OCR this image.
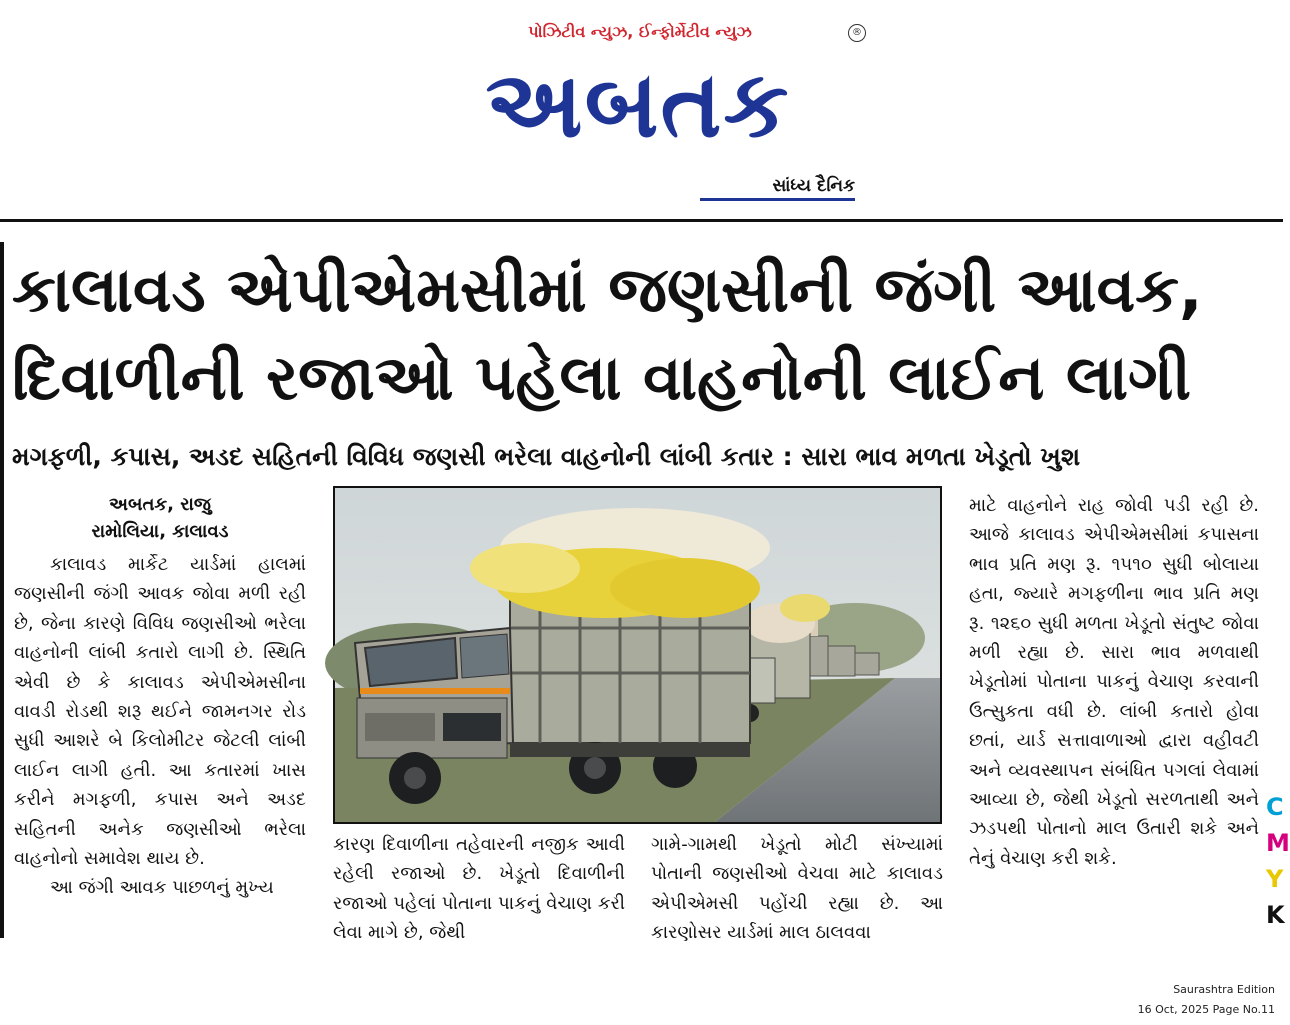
પોઝિટીવ ન્યુઝ, ઈન્ફોર્મેટીવ ન્યુઝ	®
અબતક
સાંધ્ય દૈનિક
કાલાવડ એપીએમસીમાં જણસીની જંગી આવક,
દિવાળીની રજાઓ પહેલા વાહનોની લાઈન લાગી
મગફળી, કપાસ, અડદ સહિતની વિવિધ જણસી ભરેલા વાહનોની લાંબી કતાર : સારા ભાવ મળતા ખેડૂતો ખુશ
અબતક, રાજુ
રામોલિયા, કાલાવડ

કાલાવડ માર્કેટ યાર્ડમાં હાલમાં જણસીની જંગી આવક જોવા મળી રહી છે, જેના કારણે વિવિધ જણસીઓ ભરેલા વાહનોની લાંબી કતારો લાગી છે. સ્થિતિ એવી છે કે કાલાવડ એપીએમસીના વાવડી રોડથી શરૂ થઈને જામનગર રોડ સુધી આશરે બે કિલોમીટર જેટલી લાંબી લાઈન લાગી હતી. આ કતારમાં ખાસ કરીને મગફળી, કપાસ અને અડદ સહિતની અનેક જણસીઓ ભરેલા વાહનોનો સમાવેશ થાય છે.

આ જંગી આવક પાછળનું મુખ્ય

કારણ દિવાળીના તહેવારની નજીક આવી રહેલી રજાઓ છે. ખેડૂતો દિવાળીની રજાઓ પહેલાં પોતાના પાકનું વેચાણ કરી લેવા માગે છે, જેથી
ગામે-ગામથી ખેડૂતો મોટી સંખ્યામાં પોતાની જણસીઓ વેચવા માટે કાલાવડ એપીએમસી પહોંચી રહ્યા છે. આ કારણોસર યાર્ડમાં માલ ઠાલવવા
માટે વાહનોને રાહ જોવી પડી રહી છે. આજે કાલાવડ એપીએમસીમાં કપાસના ભાવ પ્રતિ મણ રૂ. ૧૫૧૦ સુધી બોલાયા હતા, જ્યારે મગફળીના ભાવ પ્રતિ મણ રૂ. ૧૨૬૦ સુધી મળતા ખેડૂતો સંતુષ્ટ જોવા મળી રહ્યા છે. સારા ભાવ મળવાથી ખેડૂતોમાં પોતાના પાકનું વેચાણ કરવાની ઉત્સુકતા વધી છે. લાંબી કતારો હોવા છતાં, યાર્ડ સત્તાવાળાઓ દ્વારા વહીવટી અને વ્યવસ્થાપન સંબંધિત પગલાં લેવામાં આવ્યા છે, જેથી ખેડૂતો સરળતાથી અને ઝડપથી પોતાનો માલ ઉતારી શકે અને તેનું વેચાણ કરી શકે.
C
M
Y
K
Saurashtra Edition
16 Oct, 2025 Page No.11
